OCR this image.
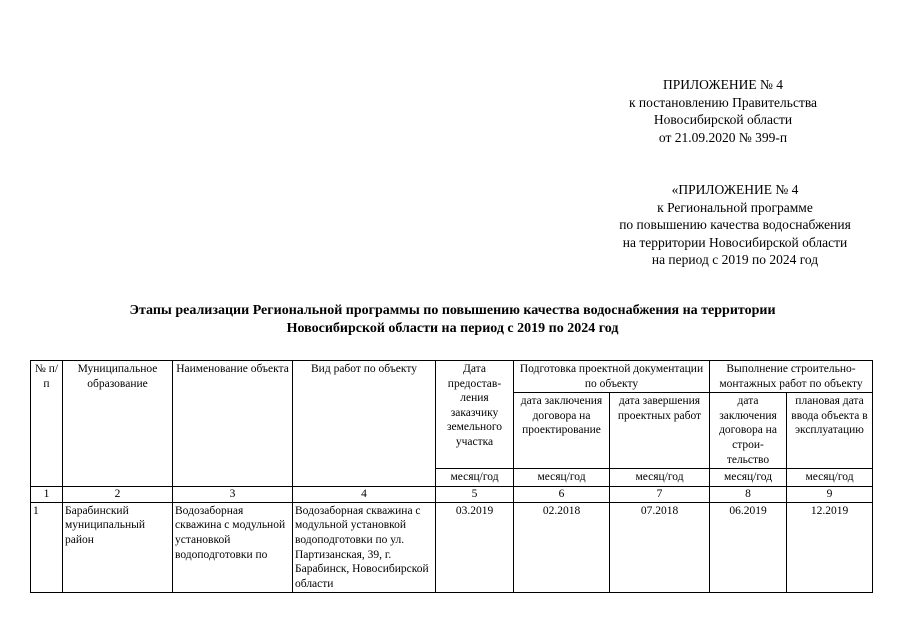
ПРИЛОЖЕНИЕ № 4
к постановлению Правительства
Новосибирской области
от 21.09.2020 № 399-п
«ПРИЛОЖЕНИЕ № 4
к Региональной программе
по повышению качества водоснабжения
на территории Новосибирской области
на период с 2019 по 2024 год
Этапы реализации Региональной программы по повышению качества водоснабжения на территории
Новосибирской области на период с 2019 по 2024 год
№ п/п	Муниципальное образование	Наименование объекта	Вид работ по объекту	Дата предостав-ления заказчику земельного участка	Подготовка проектной документации по объекту		Выполнение строительно-монтажных работ по объекту	
					дата заключения договора на проектирование	дата завершения проектных работ	дата заключения договора на строи-тельство	плановая дата ввода объекта в эксплуатацию
				месяц/год	месяц/год	месяц/год	месяц/год	месяц/год
1	2	3	4	5	6	7	8	9
1	Барабинский муниципальный район	Водозаборная скважина с модульной установкой водоподготовки по	Водозаборная скважина с модульной установкой водоподготовки по ул. Партизанская, 39, г. Барабинск, Новосибирской области	03.2019	02.2018	07.2018	06.2019	12.2019
